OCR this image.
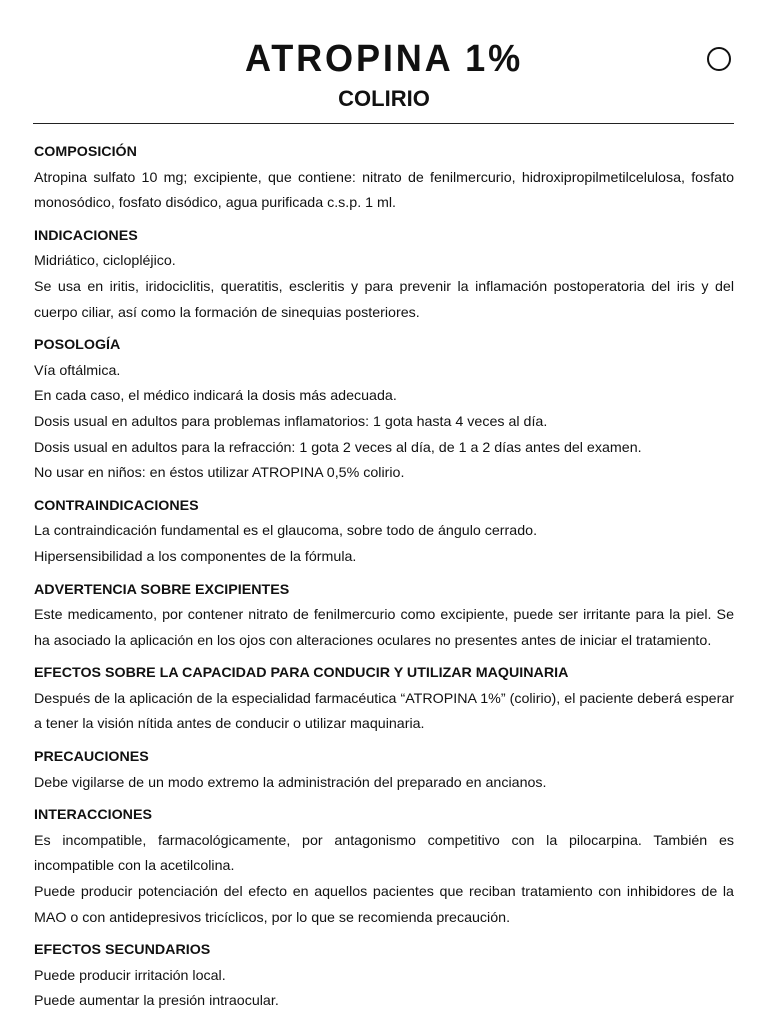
ATROPINA 1%
COLIRIO
COMPOSICIÓN
Atropina sulfato 10 mg; excipiente, que contiene: nitrato de fenilmercurio, hidroxipropilmetilcelulosa, fosfato monosódico, fosfato disódico, agua purificada c.s.p. 1 ml.
INDICACIONES
Midriático, ciclopléjico.
Se usa en iritis, iridociclitis, queratitis, escleritis y para prevenir la inflamación postoperatoria del iris y del cuerpo ciliar, así como la formación de sinequias posteriores.
POSOLOGÍA
Vía oftálmica.
En cada caso, el médico indicará la dosis más adecuada.
Dosis usual en adultos para problemas inflamatorios: 1 gota hasta 4 veces al día.
Dosis usual en adultos para la refracción: 1 gota 2 veces al día, de 1 a 2 días antes del examen.
No usar en niños: en éstos utilizar ATROPINA 0,5% colirio.
CONTRAINDICACIONES
La contraindicación fundamental es el glaucoma, sobre todo de ángulo cerrado.
Hipersensibilidad a los componentes de la fórmula.
ADVERTENCIA SOBRE EXCIPIENTES
Este medicamento, por contener nitrato de fenilmercurio como excipiente, puede ser irritante para la piel. Se ha asociado la aplicación en los ojos con alteraciones oculares no presentes antes de iniciar el tratamiento.
EFECTOS SOBRE LA CAPACIDAD PARA CONDUCIR Y UTILIZAR MAQUINARIA
Después de la aplicación de la especialidad farmacéutica “ATROPINA 1%” (colirio), el paciente deberá esperar a tener la visión nítida antes de conducir o utilizar maquinaria.
PRECAUCIONES
Debe vigilarse de un modo extremo la administración del preparado en ancianos.
INTERACCIONES
Es incompatible, farmacológicamente, por antagonismo competitivo con la pilocarpina. También es incompatible con la acetilcolina.
Puede producir potenciación del efecto en aquellos pacientes que reciban tratamiento con inhibidores de la MAO o con antidepresivos tricíclicos, por lo que se recomienda precaución.
EFECTOS SECUNDARIOS
Puede producir irritación local.
Puede aumentar la presión intraocular.
